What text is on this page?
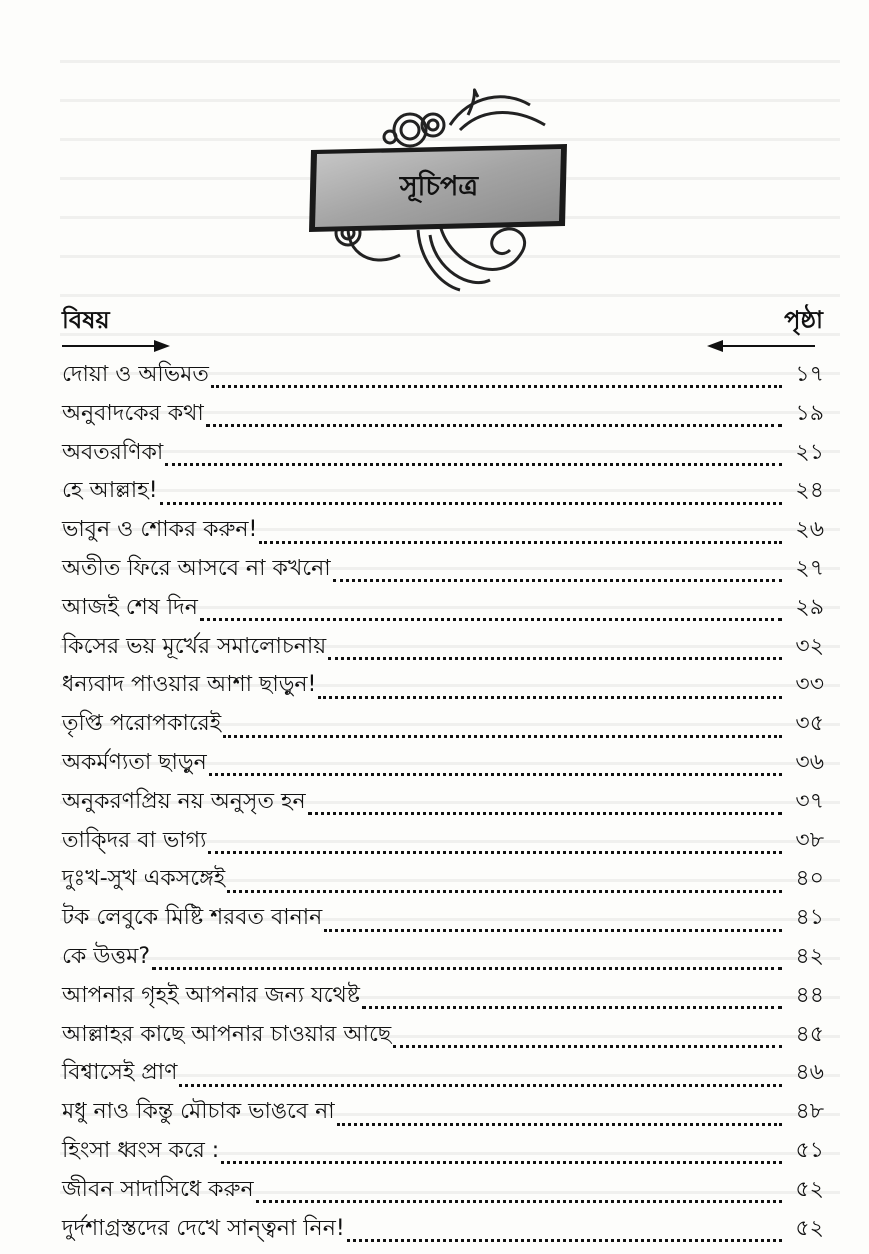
সূচিপত্র
বিষয়	পৃষ্ঠা
দোয়া ও অভিমত	১৭
অনুবাদকের কথা	১৯
অবতরণিকা	২১
হে আল্লাহ!	২৪
ভাবুন ও শোকর করুন!	২৬
অতীত ফিরে আসবে না কখনো	২৭
আজই শেষ দিন	২৯
কিসের ভয় মূর্খের সমালোচনায়	৩২
ধন্যবাদ পাওয়ার আশা ছাড়ুন!	৩৩
তৃপ্তি পরোপকারেই	৩৫
অকর্মণ্যতা ছাড়ুন	৩৬
অনুকরণপ্রিয় নয় অনুসৃত হন	৩৭
তাক্দির বা ভাগ্য	৩৮
দুঃখ-সুখ একসঙ্গেই	৪০
টক লেবুকে মিষ্টি শরবত বানান	৪১
কে উত্তম?	৪২
আপনার গৃহই আপনার জন্য যথেষ্ট	৪৪
আল্লাহর কাছে আপনার চাওয়ার আছে	৪৫
বিশ্বাসেই প্রাণ	৪৬
মধু নাও কিন্তু মৌচাক ভাঙবে না	৪৮
হিংসা ধ্বংস করে :	৫১
জীবন সাদাসিধে করুন	৫২
দুর্দশাগ্রস্তদের দেখে সান্ত্বনা নিন!	৫২
